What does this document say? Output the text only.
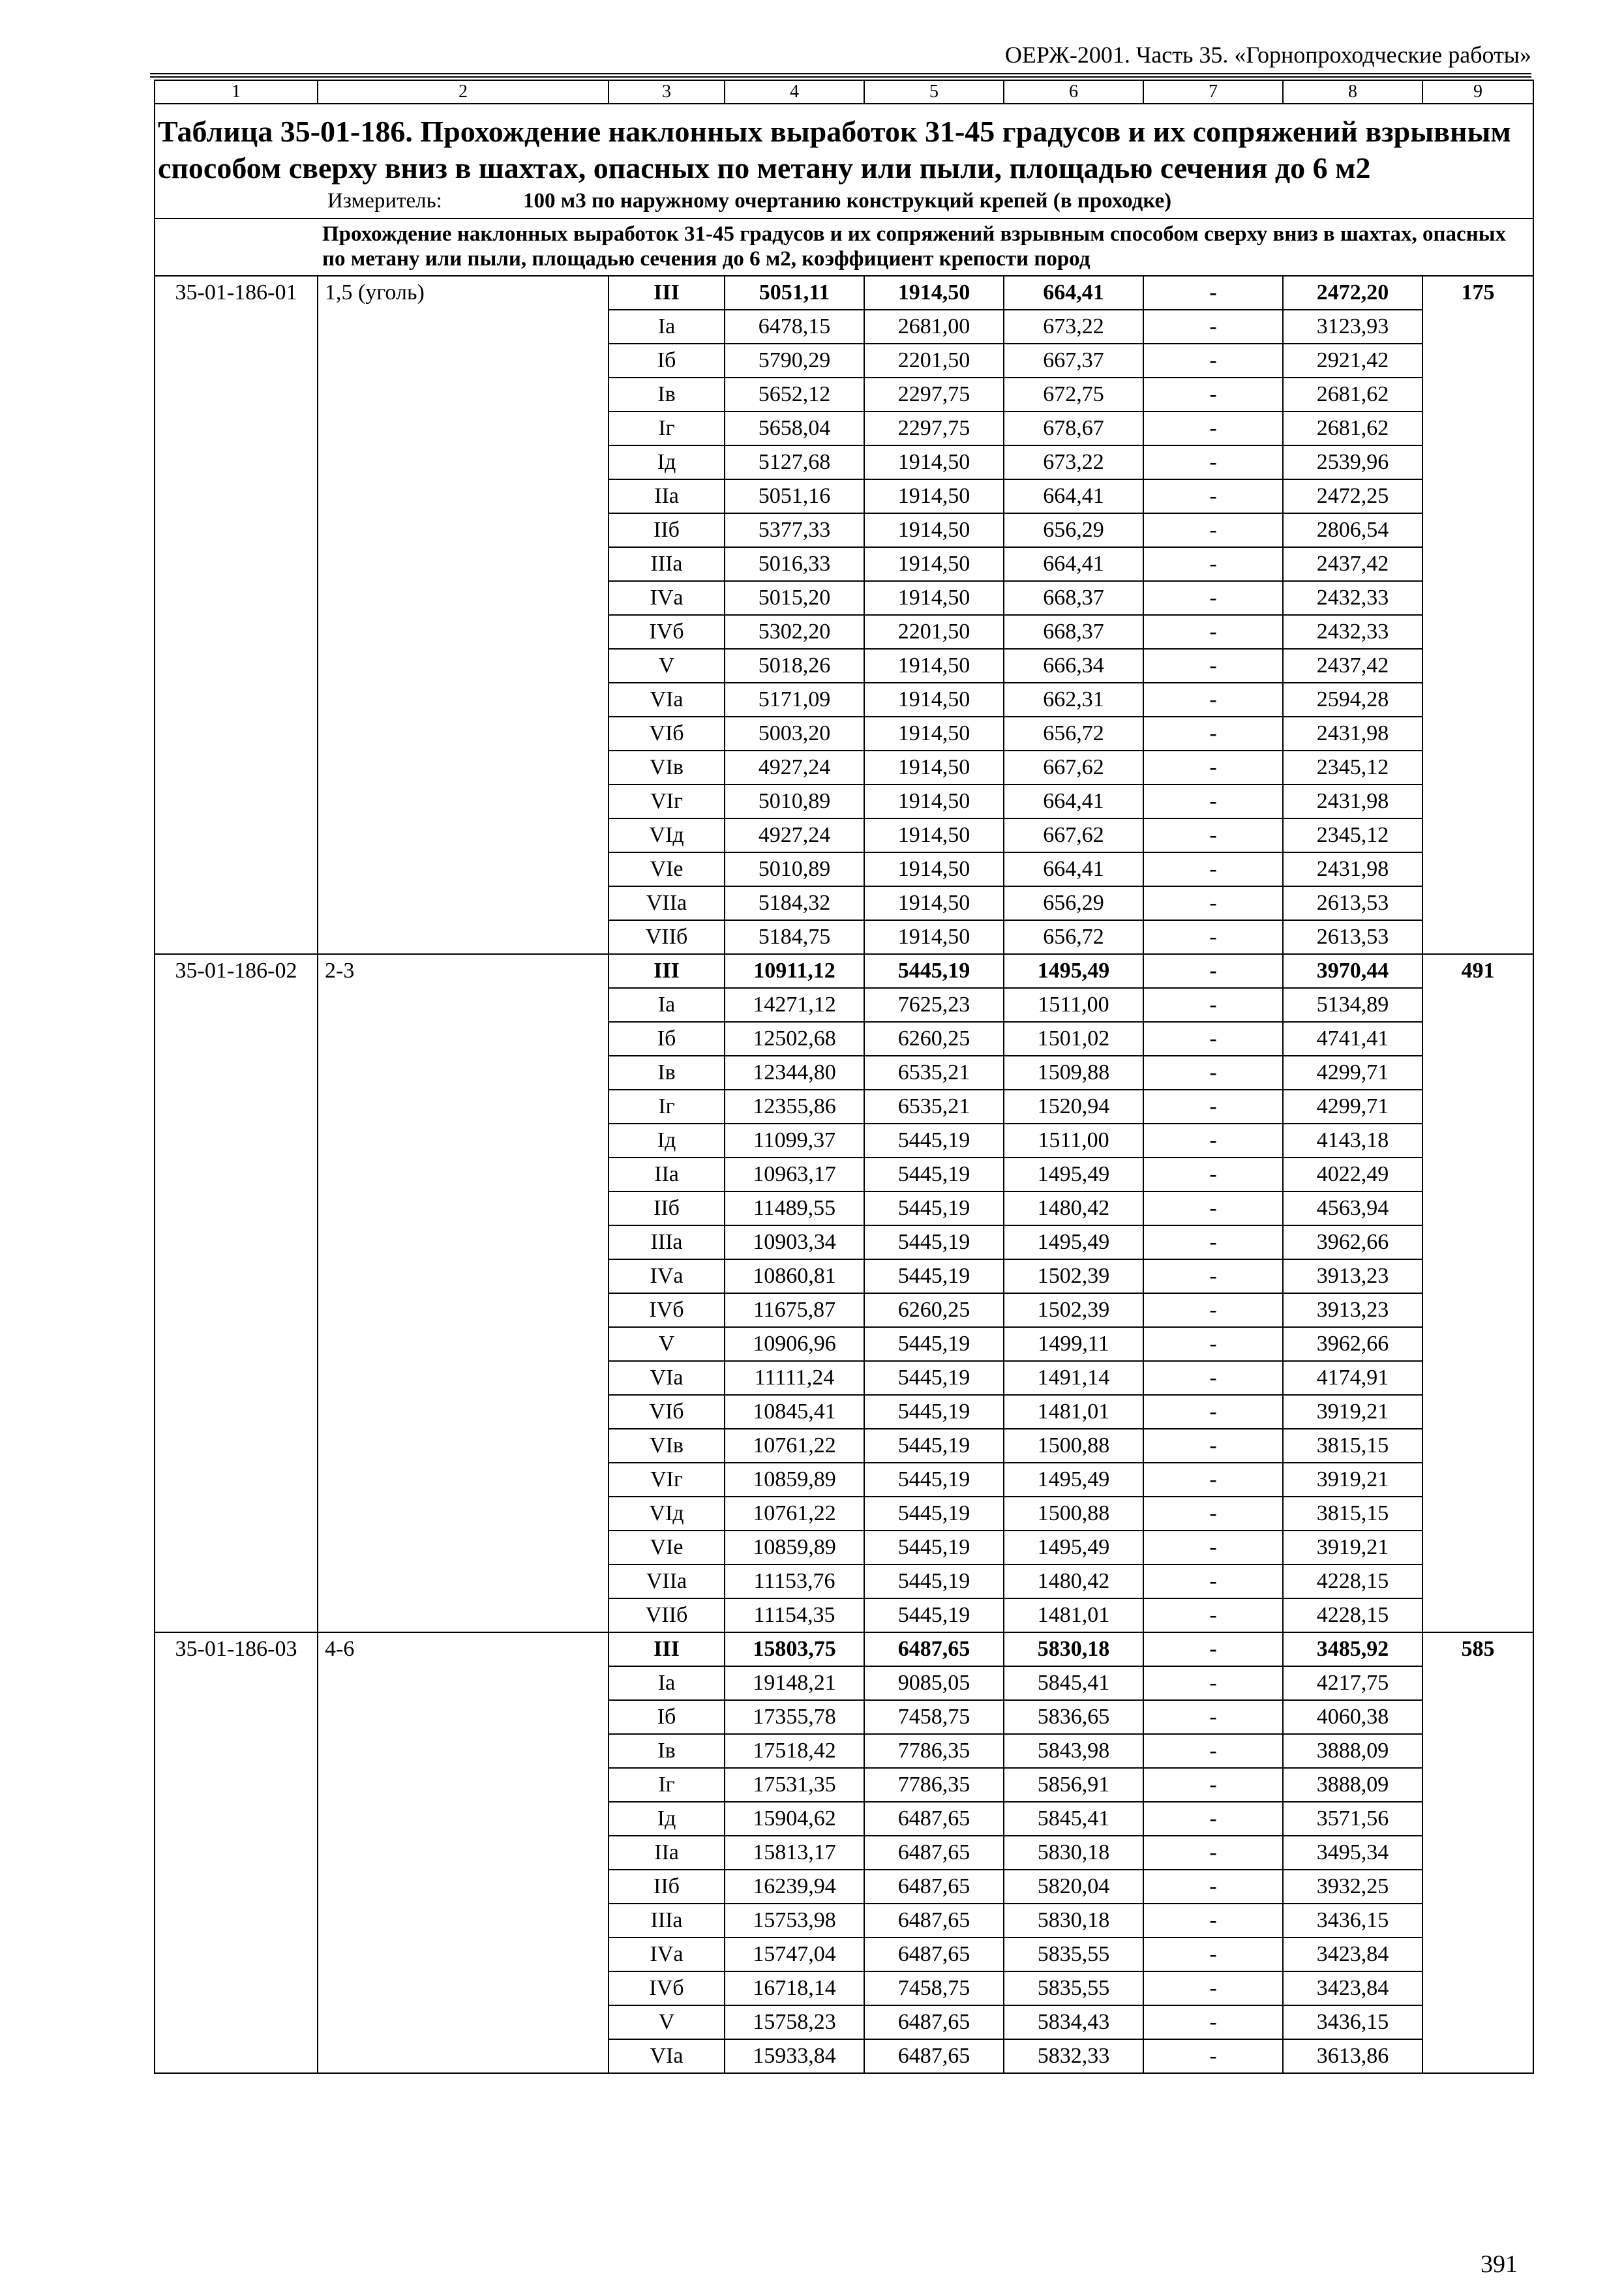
ОЕРЖ-2001. Часть 35. «Горнопроходческие работы»
1	2	3	4	5	6	7	8	9

Таблица 35-01-186. Прохождение наклонных выработок 31-45 градусов и их сопряжений взрывным способом сверху вниз в шахтах, опасных по метану или пыли, площадью сечения до 6 м2
Измеритель: 100 м3 по наружному очертанию конструкций крепей (в проходке)								

Прохождение наклонных выработок 31-45 градусов и их сопряжений взрывным способом сверху вниз в шахтах, опасных по метану или пыли, площадью сечения до 6 м2, коэффициент крепости пород								
35-01-186-01	1,5 (уголь)	III	5051,11	1914,50	664,41	-	2472,20	175
		Iа	6478,15	2681,00	673,22	-	3123,93	
		Iб	5790,29	2201,50	667,37	-	2921,42	
		Iв	5652,12	2297,75	672,75	-	2681,62	
		Iг	5658,04	2297,75	678,67	-	2681,62	
		Iд	5127,68	1914,50	673,22	-	2539,96	
		IIа	5051,16	1914,50	664,41	-	2472,25	
		IIб	5377,33	1914,50	656,29	-	2806,54	
		IIIа	5016,33	1914,50	664,41	-	2437,42	
		IVа	5015,20	1914,50	668,37	-	2432,33	
		IVб	5302,20	2201,50	668,37	-	2432,33	
		V	5018,26	1914,50	666,34	-	2437,42	
		VIа	5171,09	1914,50	662,31	-	2594,28	
		VIб	5003,20	1914,50	656,72	-	2431,98	
		VIв	4927,24	1914,50	667,62	-	2345,12	
		VIг	5010,89	1914,50	664,41	-	2431,98	
		VIд	4927,24	1914,50	667,62	-	2345,12	
		VIе	5010,89	1914,50	664,41	-	2431,98	
		VIIа	5184,32	1914,50	656,29	-	2613,53	
		VIIб	5184,75	1914,50	656,72	-	2613,53	
35-01-186-02	2-3	III	10911,12	5445,19	1495,49	-	3970,44	491
		Iа	14271,12	7625,23	1511,00	-	5134,89	
		Iб	12502,68	6260,25	1501,02	-	4741,41	
		Iв	12344,80	6535,21	1509,88	-	4299,71	
		Iг	12355,86	6535,21	1520,94	-	4299,71	
		Iд	11099,37	5445,19	1511,00	-	4143,18	
		IIа	10963,17	5445,19	1495,49	-	4022,49	
		IIб	11489,55	5445,19	1480,42	-	4563,94	
		IIIа	10903,34	5445,19	1495,49	-	3962,66	
		IVа	10860,81	5445,19	1502,39	-	3913,23	
		IVб	11675,87	6260,25	1502,39	-	3913,23	
		V	10906,96	5445,19	1499,11	-	3962,66	
		VIа	11111,24	5445,19	1491,14	-	4174,91	
		VIб	10845,41	5445,19	1481,01	-	3919,21	
		VIв	10761,22	5445,19	1500,88	-	3815,15	
		VIг	10859,89	5445,19	1495,49	-	3919,21	
		VIд	10761,22	5445,19	1500,88	-	3815,15	
		VIе	10859,89	5445,19	1495,49	-	3919,21	
		VIIа	11153,76	5445,19	1480,42	-	4228,15	
		VIIб	11154,35	5445,19	1481,01	-	4228,15	
35-01-186-03	4-6	III	15803,75	6487,65	5830,18	-	3485,92	585
		Iа	19148,21	9085,05	5845,41	-	4217,75	
		Iб	17355,78	7458,75	5836,65	-	4060,38	
		Iв	17518,42	7786,35	5843,98	-	3888,09	
		Iг	17531,35	7786,35	5856,91	-	3888,09	
		Iд	15904,62	6487,65	5845,41	-	3571,56	
		IIа	15813,17	6487,65	5830,18	-	3495,34	
		IIб	16239,94	6487,65	5820,04	-	3932,25	
		IIIа	15753,98	6487,65	5830,18	-	3436,15	
		IVа	15747,04	6487,65	5835,55	-	3423,84	
		IVб	16718,14	7458,75	5835,55	-	3423,84	
		V	15758,23	6487,65	5834,43	-	3436,15	
		VIа	15933,84	6487,65	5832,33	-	3613,86	
391
